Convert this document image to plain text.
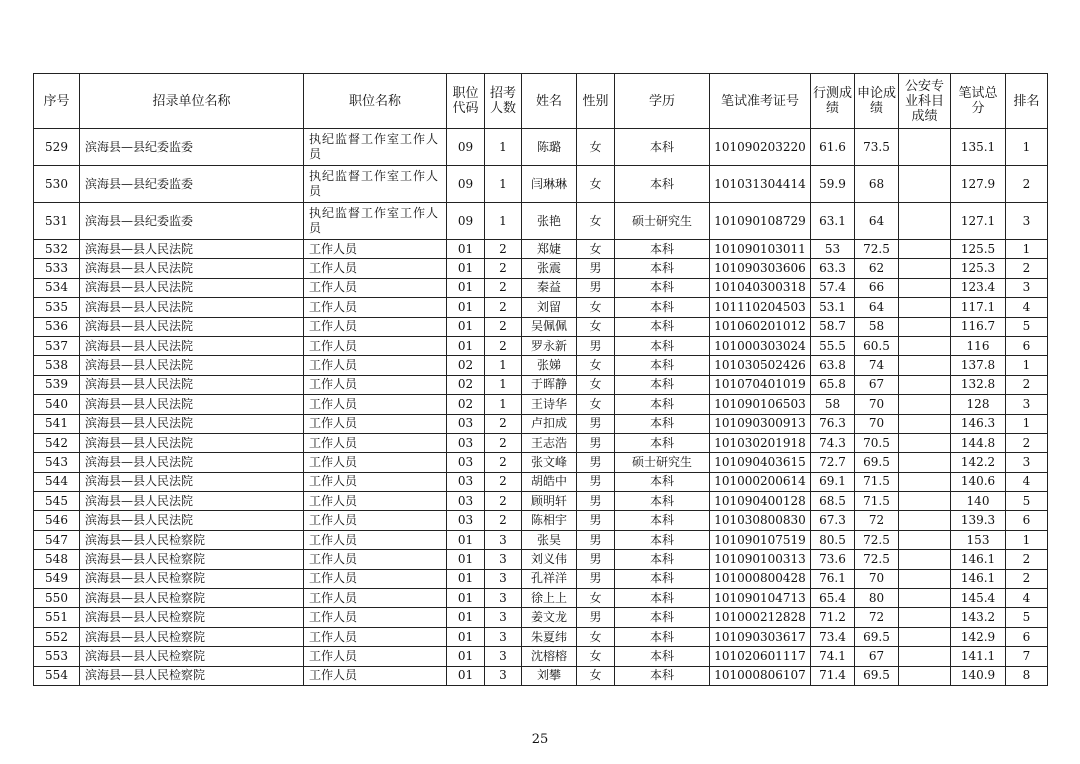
序号	招录单位名称	职位名称	职位代码	招考人数	姓名	性别	学历	笔试准考证号	行测成绩	申论成绩	公安专业科目成绩	笔试总分	排名
529	滨海县—县纪委监委	执纪监督工作室工作人员	09	1	陈璐	女	本科	101090203220	61.6	73.5		135.1	1
530	滨海县—县纪委监委	执纪监督工作室工作人员	09	1	闫琳琳	女	本科	101031304414	59.9	68		127.9	2
531	滨海县—县纪委监委	执纪监督工作室工作人员	09	1	张艳	女	硕士研究生	101090108729	63.1	64		127.1	3
532	滨海县—县人民法院	工作人员	01	2	郑婕	女	本科	101090103011	53	72.5		125.5	1
533	滨海县—县人民法院	工作人员	01	2	张震	男	本科	101090303606	63.3	62		125.3	2
534	滨海县—县人民法院	工作人员	01	2	秦益	男	本科	101040300318	57.4	66		123.4	3
535	滨海县—县人民法院	工作人员	01	2	刘留	女	本科	101110204503	53.1	64		117.1	4
536	滨海县—县人民法院	工作人员	01	2	吴佩佩	女	本科	101060201012	58.7	58		116.7	5
537	滨海县—县人民法院	工作人员	01	2	罗永新	男	本科	101000303024	55.5	60.5		116	6
538	滨海县—县人民法院	工作人员	02	1	张娣	女	本科	101030502426	63.8	74		137.8	1
539	滨海县—县人民法院	工作人员	02	1	于晖静	女	本科	101070401019	65.8	67		132.8	2
540	滨海县—县人民法院	工作人员	02	1	王诗华	女	本科	101090106503	58	70		128	3
541	滨海县—县人民法院	工作人员	03	2	卢扣成	男	本科	101090300913	76.3	70		146.3	1
542	滨海县—县人民法院	工作人员	03	2	王志浩	男	本科	101030201918	74.3	70.5		144.8	2
543	滨海县—县人民法院	工作人员	03	2	张文峰	男	硕士研究生	101090403615	72.7	69.5		142.2	3
544	滨海县—县人民法院	工作人员	03	2	胡皓中	男	本科	101000200614	69.1	71.5		140.6	4
545	滨海县—县人民法院	工作人员	03	2	顾明轩	男	本科	101090400128	68.5	71.5		140	5
546	滨海县—县人民法院	工作人员	03	2	陈相宇	男	本科	101030800830	67.3	72		139.3	6
547	滨海县—县人民检察院	工作人员	01	3	张昊	男	本科	101090107519	80.5	72.5		153	1
548	滨海县—县人民检察院	工作人员	01	3	刘义伟	男	本科	101090100313	73.6	72.5		146.1	2
549	滨海县—县人民检察院	工作人员	01	3	孔祥洋	男	本科	101000800428	76.1	70		146.1	2
550	滨海县—县人民检察院	工作人员	01	3	徐上上	女	本科	101090104713	65.4	80		145.4	4
551	滨海县—县人民检察院	工作人员	01	3	姜文龙	男	本科	101000212828	71.2	72		143.2	5
552	滨海县—县人民检察院	工作人员	01	3	朱夏纬	女	本科	101090303617	73.4	69.5		142.9	6
553	滨海县—县人民检察院	工作人员	01	3	沈榕榕	女	本科	101020601117	74.1	67		141.1	7
554	滨海县—县人民检察院	工作人员	01	3	刘攀	女	本科	101000806107	71.4	69.5		140.9	8
25
